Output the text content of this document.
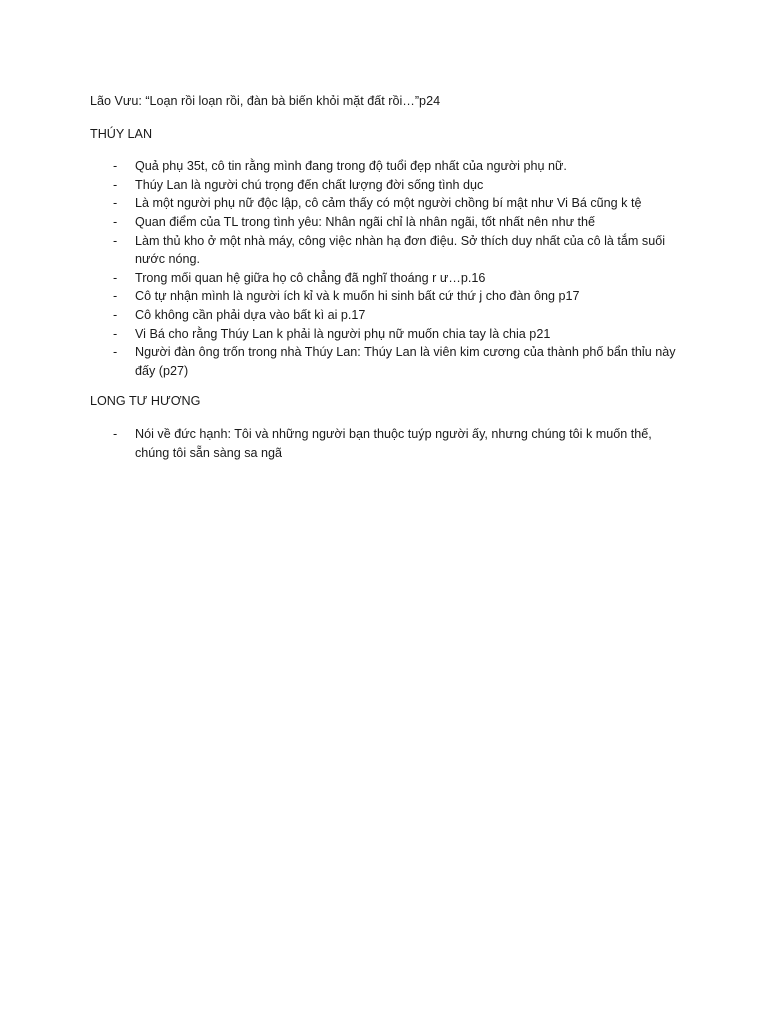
Lão Vưu: “Loạn rồi loạn rồi, đàn bà biến khỏi mặt đất rồi…”p24

THÚY LAN

- Quả phụ 35t, cô tin rằng mình đang trong độ tuổi đẹp nhất của người phụ nữ.
- Thúy Lan là người chú trọng đến chất lượng đời sống tình dục
- Là một người phụ nữ độc lập, cô cảm thấy có một người chồng bí mật như Vi Bá cũng k tệ
- Quan điểm của TL trong tình yêu: Nhân ngãi chỉ là nhân ngãi, tốt nhất nên như thế
- Làm thủ kho ở một nhà máy, công việc nhàn hạ đơn điệu. Sở thích duy nhất của cô là tắm suối nước nóng.
- Trong mối quan hệ giữa họ cô chẳng đã nghĩ thoáng r ư…p.16
- Cô tự nhận mình là người ích kỉ và k muốn hi sinh bất cứ thứ j cho đàn ông p17
- Cô không cần phải dựa vào bất kì ai p.17
- Vi Bá cho rằng Thúy Lan k phải là người phụ nữ muốn chia tay là chia p21
- Người đàn ông trốn trong nhà Thúy Lan: Thúy Lan là viên kim cương của thành phố bẩn thỉu này đấy (p27)

LONG TƯ HƯƠNG

- Nói về đức hạnh: Tôi và những người bạn thuộc tuýp người ấy, nhưng chúng tôi k muốn thế, chúng tôi sẵn sàng sa ngã
